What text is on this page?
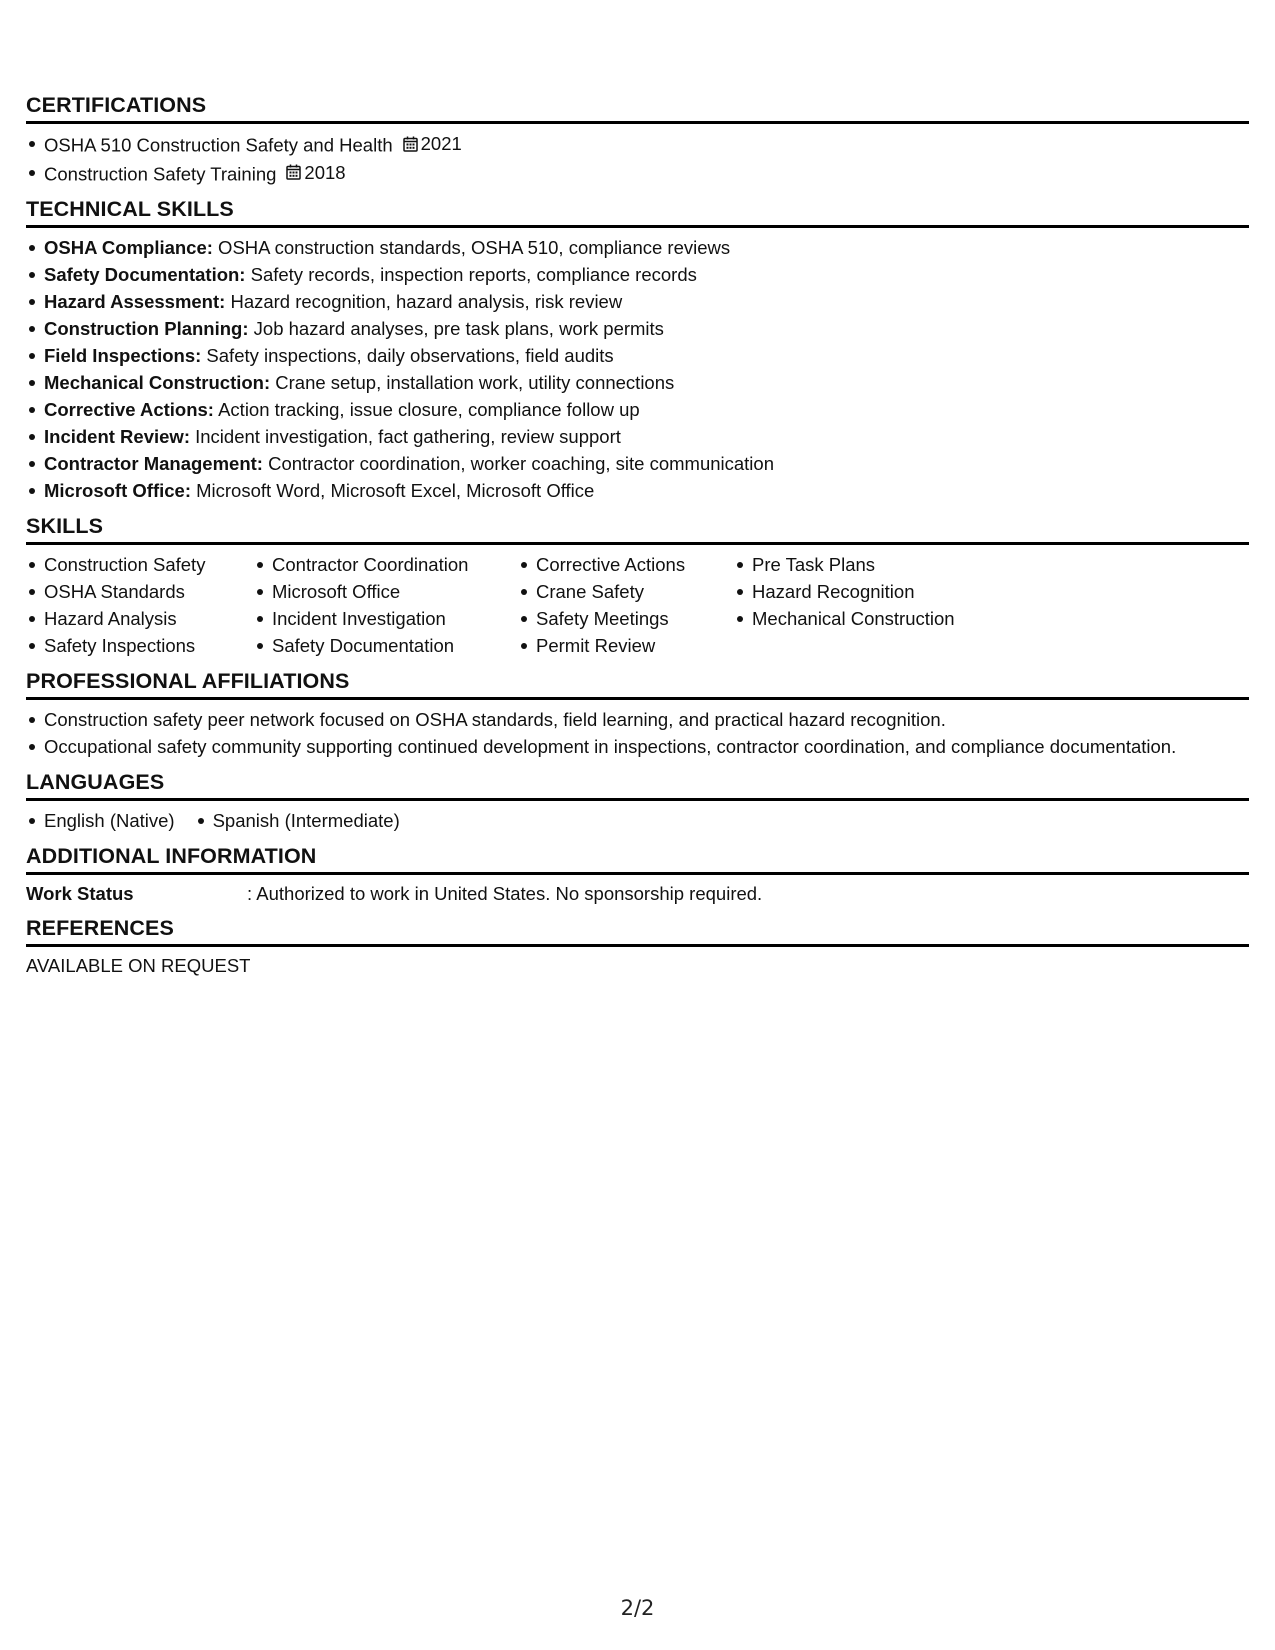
CERTIFICATIONS
OSHA 510 Construction Safety and Health 2021
Construction Safety Training 2018
TECHNICAL SKILLS
OSHA Compliance: OSHA construction standards, OSHA 510, compliance reviews
Safety Documentation: Safety records, inspection reports, compliance records
Hazard Assessment: Hazard recognition, hazard analysis, risk review
Construction Planning: Job hazard analyses, pre task plans, work permits
Field Inspections: Safety inspections, daily observations, field audits
Mechanical Construction: Crane setup, installation work, utility connections
Corrective Actions: Action tracking, issue closure, compliance follow up
Incident Review: Incident investigation, fact gathering, review support
Contractor Management: Contractor coordination, worker coaching, site communication
Microsoft Office: Microsoft Word, Microsoft Excel, Microsoft Office
SKILLS
Construction Safety
OSHA Standards
Hazard Analysis
Safety Inspections
Contractor Coordination
Microsoft Office
Incident Investigation
Safety Documentation
Corrective Actions
Crane Safety
Safety Meetings
Permit Review
Pre Task Plans
Hazard Recognition
Mechanical Construction
PROFESSIONAL AFFILIATIONS
Construction safety peer network focused on OSHA standards, field learning, and practical hazard recognition.
Occupational safety community supporting continued development in inspections, contractor coordination, and compliance documentation.
LANGUAGES
English (Native) Spanish (Intermediate)
ADDITIONAL INFORMATION
Work Status	: Authorized to work in United States. No sponsorship required.
REFERENCES
AVAILABLE ON REQUEST
2/2
